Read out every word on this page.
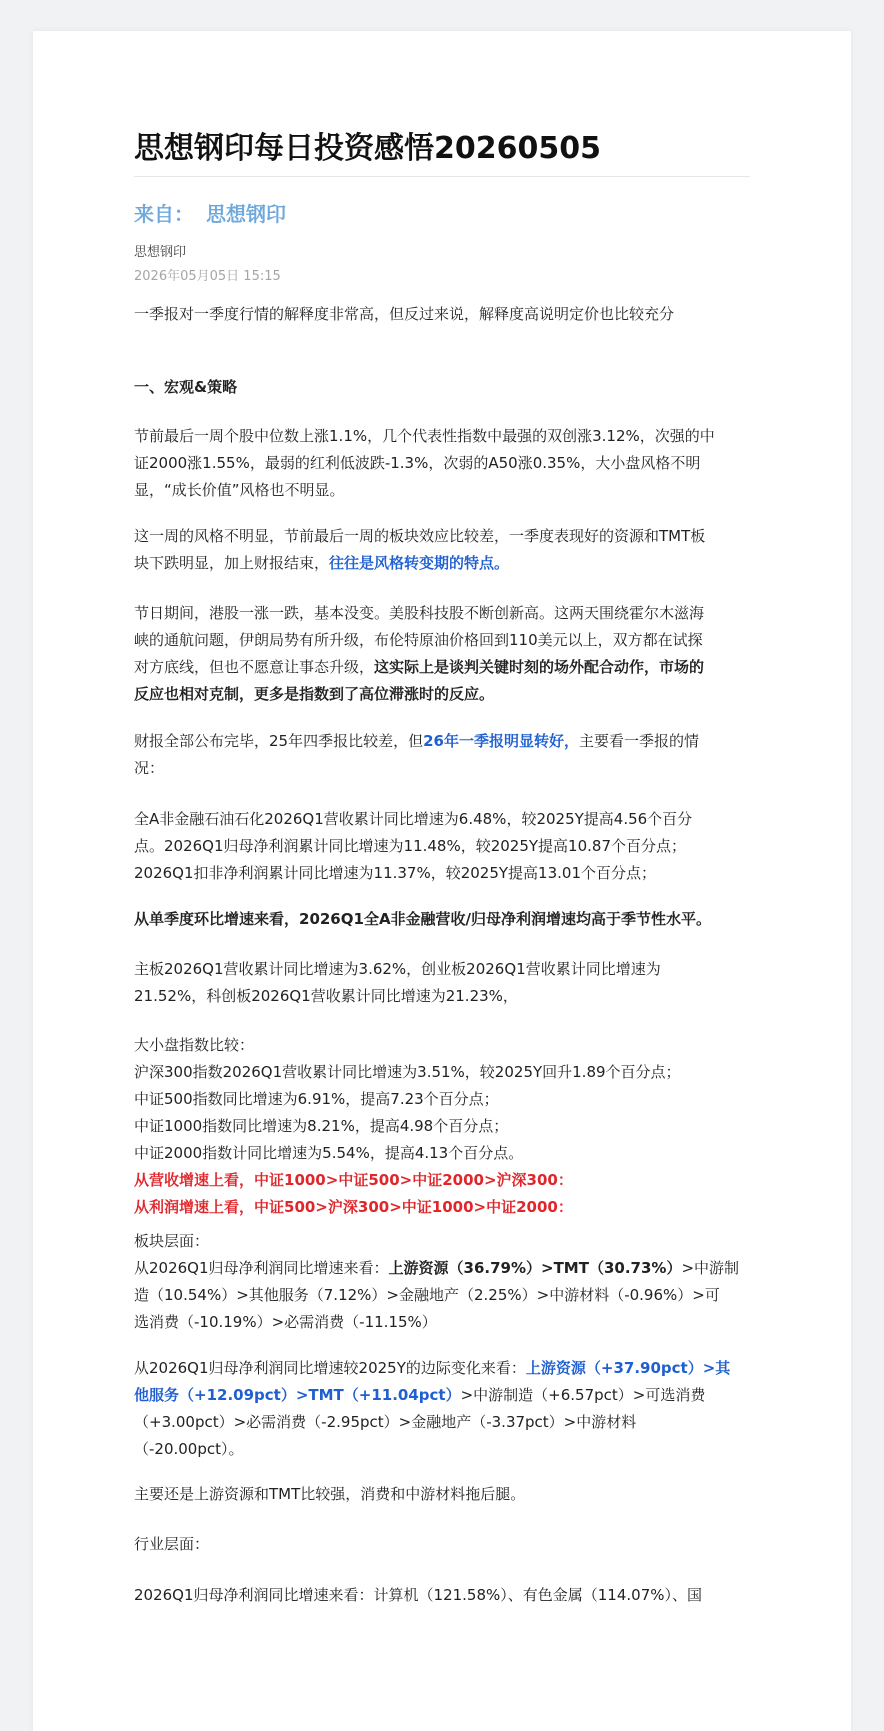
思想钢印每日投资感悟20260505
来自： 思想钢印
思想钢印
2026年05月05日 15:15

一季报对一季度行情的解释度非常高，但反过来说，解释度高说明定价也比较充分

一、宏观&策略

节前最后一周个股中位数上涨1.1%，几个代表性指数中最强的双创涨3.12%，次强的中
证2000涨1.55%，最弱的红利低波跌-1.3%，次弱的A50涨0.35%，大小盘风格不明
显，“成长价值”风格也不明显。

这一周的风格不明显，节前最后一周的板块效应比较差，一季度表现好的资源和TMT板
块下跌明显，加上财报结束，往往是风格转变期的特点。

节日期间，港股一涨一跌，基本没变。美股科技股不断创新高。这两天围绕霍尔木滋海
峡的通航问题，伊朗局势有所升级，布伦特原油价格回到110美元以上，双方都在试探
对方底线，但也不愿意让事态升级，这实际上是谈判关键时刻的场外配合动作，市场的
反应也相对克制，更多是指数到了高位滞涨时的反应。

财报全部公布完毕，25年四季报比较差，但26年一季报明显转好，主要看一季报的情
况：

全A非金融石油石化2026Q1营收累计同比增速为6.48%，较2025Y提高4.56个百分
点。2026Q1归母净利润累计同比增速为11.48%，较2025Y提高10.87个百分点；
2026Q1扣非净利润累计同比增速为11.37%，较2025Y提高13.01个百分点；

从单季度环比增速来看，2026Q1全A非金融营收/归母净利润增速均高于季节性水平。

主板2026Q1营收累计同比增速为3.62%，创业板2026Q1营收累计同比增速为
21.52%，科创板2026Q1营收累计同比增速为21.23%，

大小盘指数比较：
沪深300指数2026Q1营收累计同比增速为3.51%，较2025Y回升1.89个百分点；
中证500指数同比增速为6.91%，提高7.23个百分点；
中证1000指数同比增速为8.21%，提高4.98个百分点；
中证2000指数计同比增速为5.54%，提高4.13个百分点。
从营收增速上看，中证1000>中证500>中证2000>沪深300：
从利润增速上看，中证500>沪深300>中证1000>中证2000：

板块层面：
从2026Q1归母净利润同比增速来看：上游资源（36.79%）>TMT（30.73%）>中游制
造（10.54%）>其他服务（7.12%）>金融地产（2.25%）>中游材料（-0.96%）>可
选消费（-10.19%）>必需消费（-11.15%）

从2026Q1归母净利润同比增速较2025Y的边际变化来看：上游资源（+37.90pct）>其
他服务（+12.09pct）>TMT（+11.04pct）>中游制造（+6.57pct）>可选消费
（+3.00pct）>必需消费（-2.95pct）>金融地产（-3.37pct）>中游材料
（-20.00pct）。

主要还是上游资源和TMT比较强，消费和中游材料拖后腿。

行业层面：

2026Q1归母净利润同比增速来看：计算机（121.58%）、有色金属（114.07%）、国
